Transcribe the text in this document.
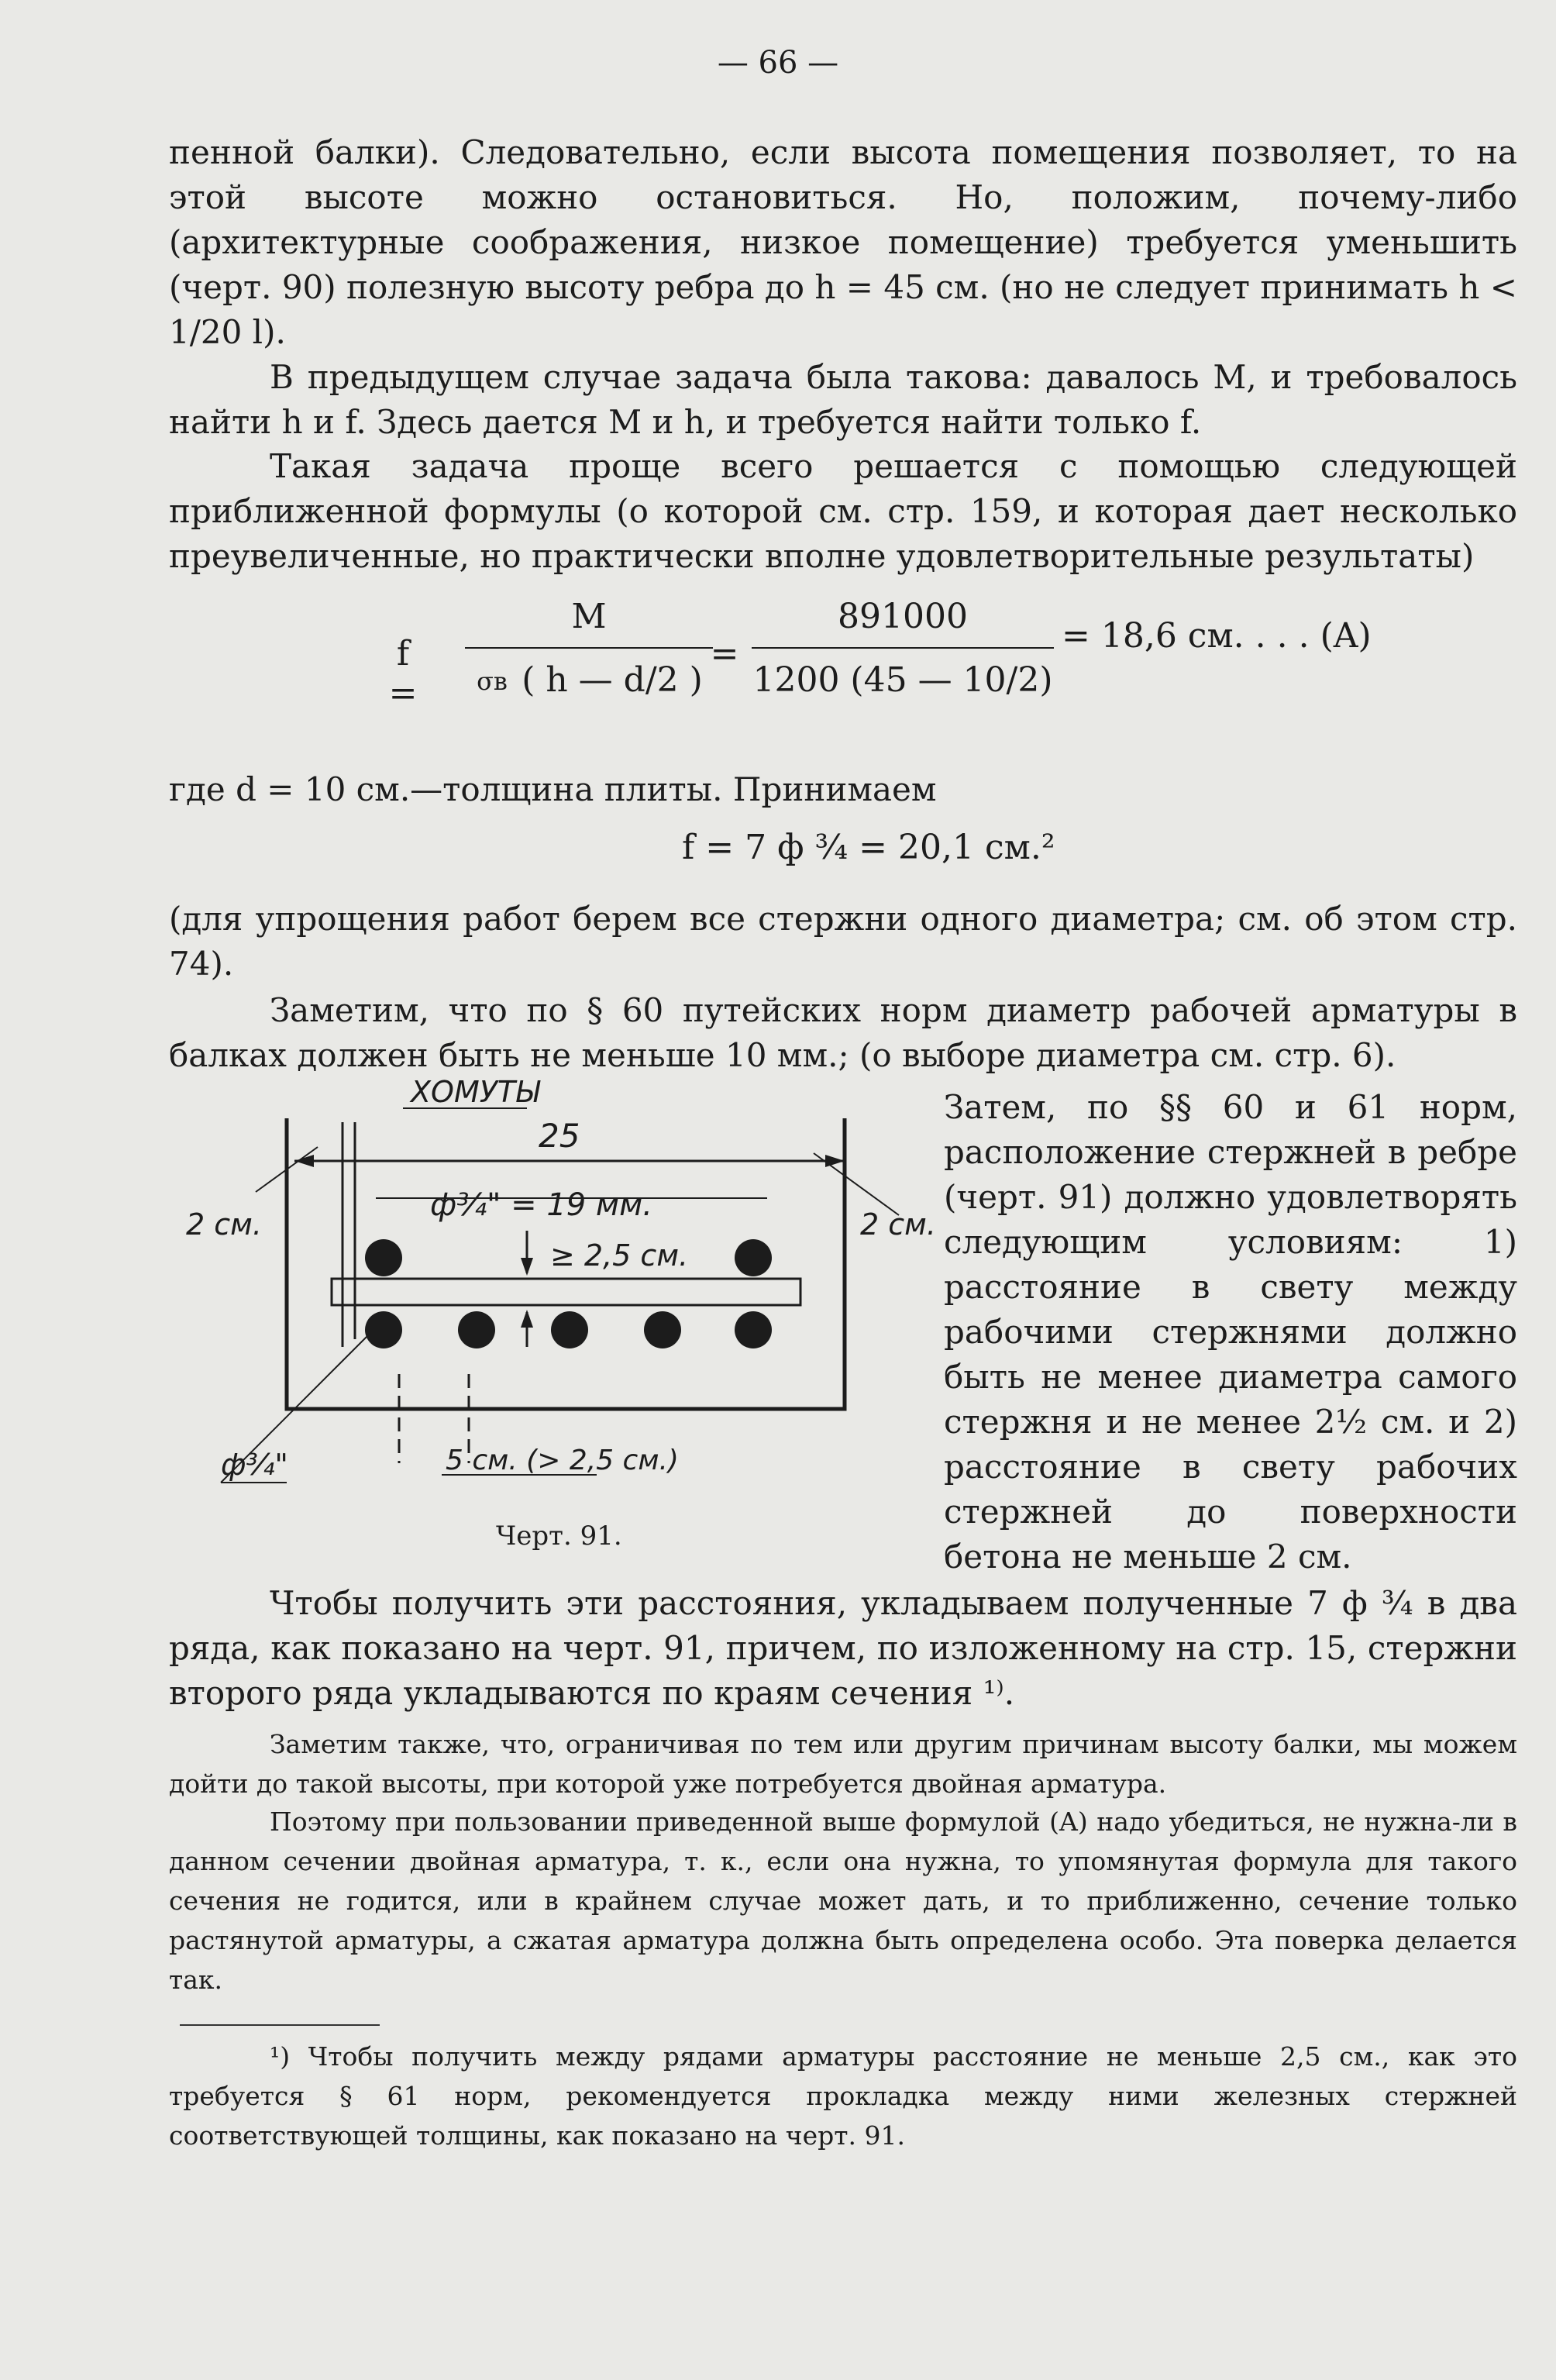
— 66 —
пенной балки). Следовательно, если высота помещения позволяет, то на этой высоте можно остановиться. Но, положим, почему-либо (архитектурные соображения, низкое помещение) требуется уменьшить (черт. 90) полезную высоту ребра до h = 45 см. (но не следует принимать h < 1/20 l).
В предыдущем случае задача была такова: давалось M, и требовалось найти h и f. Здесь дается M и h, и требуется найти только f.
Такая задача проще всего решается с помощью следующей приближенной формулы (о которой см. стр. 159, и которая дает несколько преувеличенные, но практически вполне удовлетворительные результаты)
f =
M
σв ( h — d/2 )
=
891000
1200 (45 — 10/2)
= 18,6 см. . . . (A)
где d = 10 см.—толщина плиты. Принимаем
f = 7 ф ¾ = 20,1 см.²
(для упрощения работ берем все стержни одного диаметра; см. об этом стр. 74).
Заметим, что по § 60 путейских норм диаметр рабочей арматуры в балках должен быть не меньше 10 мм.; (о выборе диаметра см. стр. 6).
ХОМУТЫ
25
ф¾" = 19 мм.
2 см.	2 см.
≥ 2,5 см.
ф¾"	5 см. (> 2,5 см.)
Черт. 91.
Затем, по §§ 60 и 61 норм, расположение стержней в ребре (черт. 91) должно удовлетворять следующим условиям: 1) расстояние в свету между рабочими стержнями должно быть не менее диаметра самого стержня и не менее 2½ см. и 2) расстояние в свету рабочих стержней до поверхности бетона не меньше 2 см.
Чтобы получить эти расстояния, укладываем полученные 7 ф ¾ в два ряда, как показано на черт. 91, причем, по изложенному на стр. 15, стержни второго ряда укладываются по краям сечения ¹⁾.
Заметим также, что, ограничивая по тем или другим причинам высоту балки, мы можем дойти до такой высоты, при которой уже потребуется двойная арматура.
Поэтому при пользовании приведенной выше формулой (A) надо убедиться, не нужна-ли в данном сечении двойная арматура, т. к., если она нужна, то упомянутая формула для такого сечения не годится, или в крайнем случае может дать, и то приближенно, сечение только растянутой арматуры, а сжатая арматура должна быть определена особо. Эта поверка делается так.
¹) Чтобы получить между рядами арматуры расстояние не меньше 2,5 см., как это требуется § 61 норм, рекомендуется прокладка между ними железных стержней соответствующей толщины, как показано на черт. 91.
